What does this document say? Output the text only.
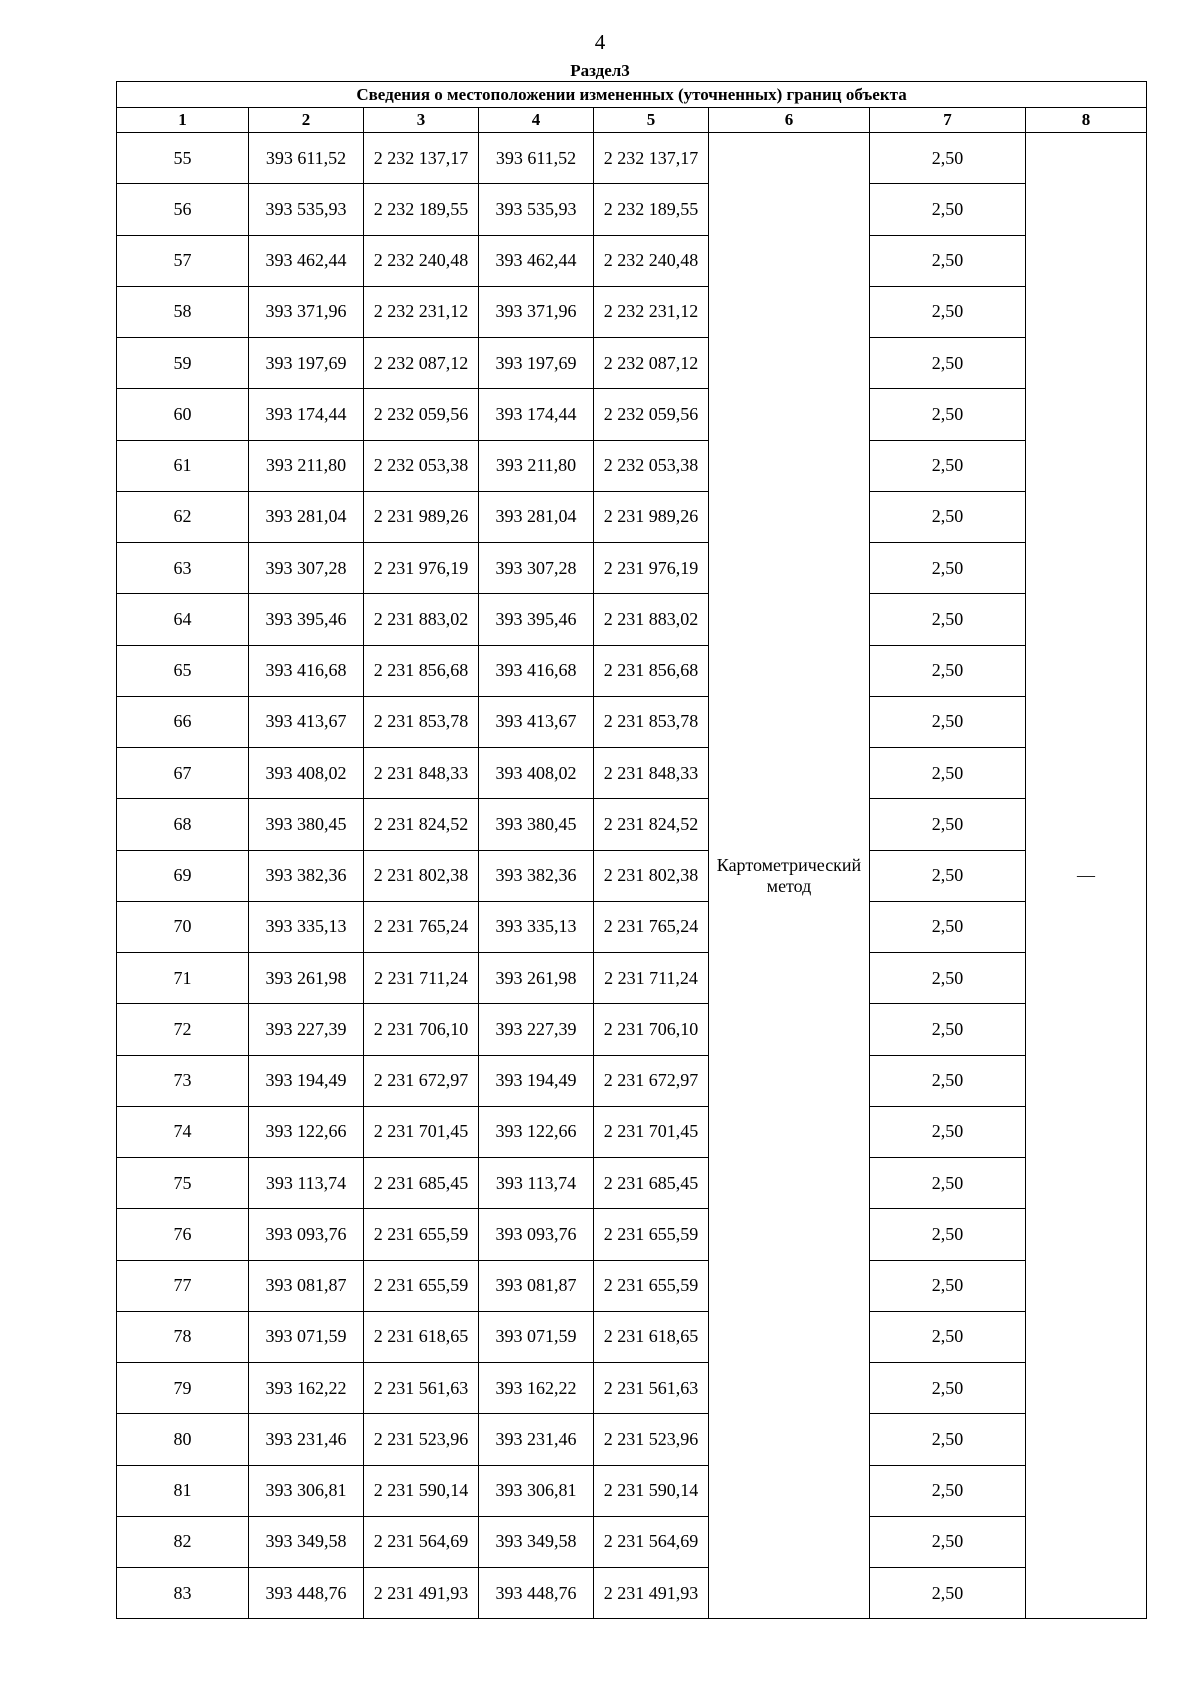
4
Раздел3
Сведения о местоположении измененных (уточненных) границ объекта							
1	2	3	4	5	6	7	8
55	393 611,52	2 232 137,17	393 611,52	2 232 137,17	Картометрический метод	2,50	—
56	393 535,93	2 232 189,55	393 535,93	2 232 189,55		2,50	
57	393 462,44	2 232 240,48	393 462,44	2 232 240,48		2,50	
58	393 371,96	2 232 231,12	393 371,96	2 232 231,12		2,50	
59	393 197,69	2 232 087,12	393 197,69	2 232 087,12		2,50	
60	393 174,44	2 232 059,56	393 174,44	2 232 059,56		2,50	
61	393 211,80	2 232 053,38	393 211,80	2 232 053,38		2,50	
62	393 281,04	2 231 989,26	393 281,04	2 231 989,26		2,50	
63	393 307,28	2 231 976,19	393 307,28	2 231 976,19		2,50	
64	393 395,46	2 231 883,02	393 395,46	2 231 883,02		2,50	
65	393 416,68	2 231 856,68	393 416,68	2 231 856,68		2,50	
66	393 413,67	2 231 853,78	393 413,67	2 231 853,78		2,50	
67	393 408,02	2 231 848,33	393 408,02	2 231 848,33		2,50	
68	393 380,45	2 231 824,52	393 380,45	2 231 824,52		2,50	
69	393 382,36	2 231 802,38	393 382,36	2 231 802,38		2,50	
70	393 335,13	2 231 765,24	393 335,13	2 231 765,24		2,50	
71	393 261,98	2 231 711,24	393 261,98	2 231 711,24		2,50	
72	393 227,39	2 231 706,10	393 227,39	2 231 706,10		2,50	
73	393 194,49	2 231 672,97	393 194,49	2 231 672,97		2,50	
74	393 122,66	2 231 701,45	393 122,66	2 231 701,45		2,50	
75	393 113,74	2 231 685,45	393 113,74	2 231 685,45		2,50	
76	393 093,76	2 231 655,59	393 093,76	2 231 655,59		2,50	
77	393 081,87	2 231 655,59	393 081,87	2 231 655,59		2,50	
78	393 071,59	2 231 618,65	393 071,59	2 231 618,65		2,50	
79	393 162,22	2 231 561,63	393 162,22	2 231 561,63		2,50	
80	393 231,46	2 231 523,96	393 231,46	2 231 523,96		2,50	
81	393 306,81	2 231 590,14	393 306,81	2 231 590,14		2,50	
82	393 349,58	2 231 564,69	393 349,58	2 231 564,69		2,50	
83	393 448,76	2 231 491,93	393 448,76	2 231 491,93		2,50	
